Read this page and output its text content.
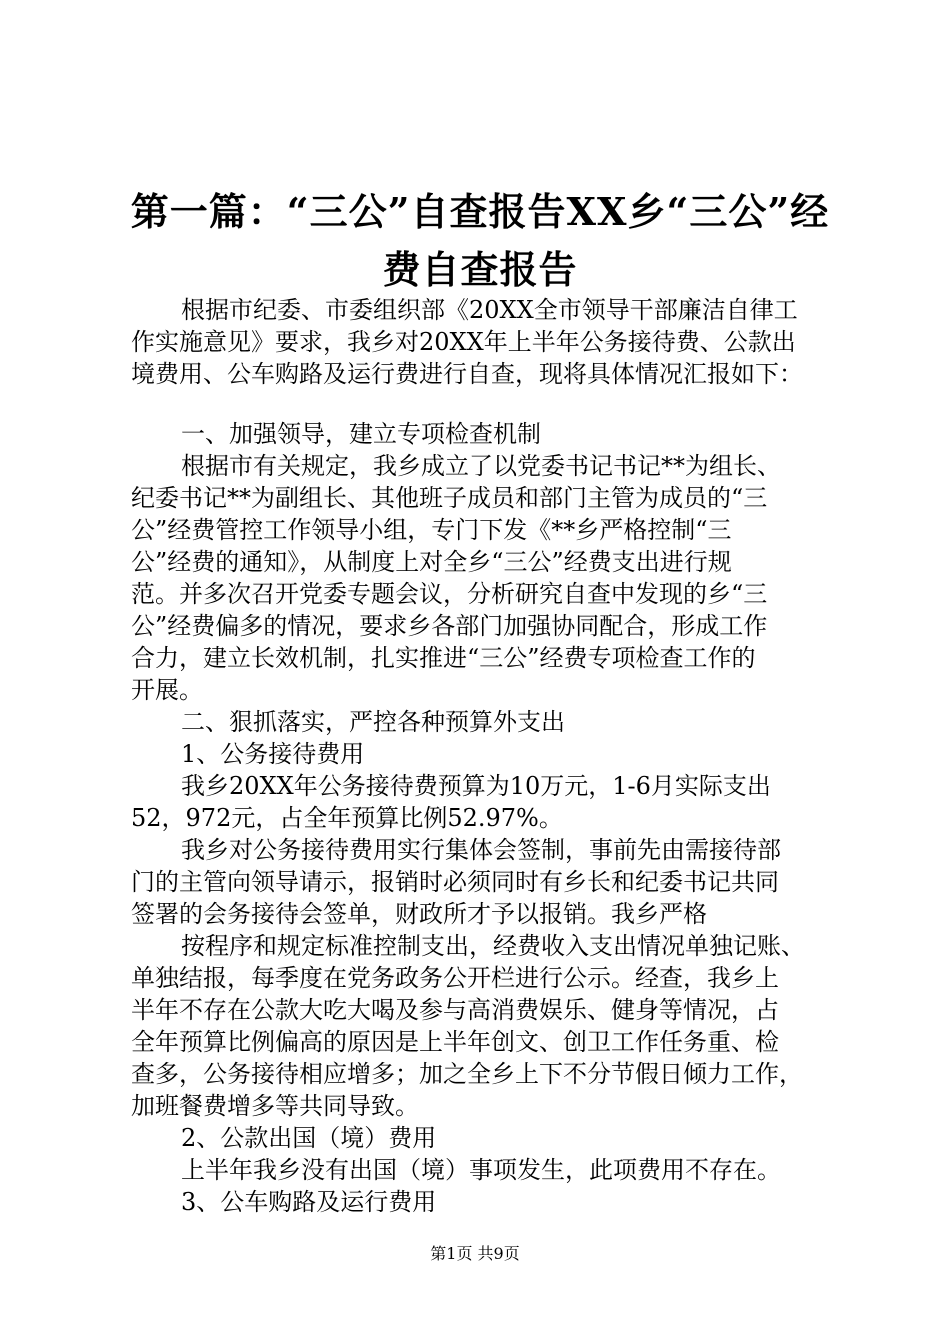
第一篇：“三公”自查报告XX乡“三公”经
费自查报告
根据市纪委、市委组织部《20XX全市领导干部廉洁自律工
作实施意见》要求，我乡对20XX年上半年公务接待费、公款出
境费用、公车购路及运行费进行自查，现将具体情况汇报如下：
一、加强领导，建立专项检查机制
根据市有关规定，我乡成立了以党委书记书记**为组长、
纪委书记**为副组长、其他班子成员和部门主管为成员的“三
公”经费管控工作领导小组，专门下发《**乡严格控制“三
公”经费的通知》，从制度上对全乡“三公”经费支出进行规
范。并多次召开党委专题会议，分析研究自查中发现的乡“三
公”经费偏多的情况，要求乡各部门加强协同配合，形成工作
合力，建立长效机制，扎实推进“三公”经费专项检查工作的
开展。
二、狠抓落实，严控各种预算外支出
1、公务接待费用
我乡20XX年公务接待费预算为10万元，1-6月实际支出
52，972元，占全年预算比例52.97%。
我乡对公务接待费用实行集体会签制，事前先由需接待部
门的主管向领导请示，报销时必须同时有乡长和纪委书记共同
签署的会务接待会签单，财政所才予以报销。我乡严格
按程序和规定标准控制支出，经费收入支出情况单独记账、
单独结报，每季度在党务政务公开栏进行公示。经查，我乡上
半年不存在公款大吃大喝及参与高消费娱乐、健身等情况，占
全年预算比例偏高的原因是上半年创文、创卫工作任务重、检
查多，公务接待相应增多；加之全乡上下不分节假日倾力工作，
加班餐费增多等共同导致。
2、公款出国（境）费用
上半年我乡没有出国（境）事项发生，此项费用不存在。
3、公车购路及运行费用
第1页 共9页
